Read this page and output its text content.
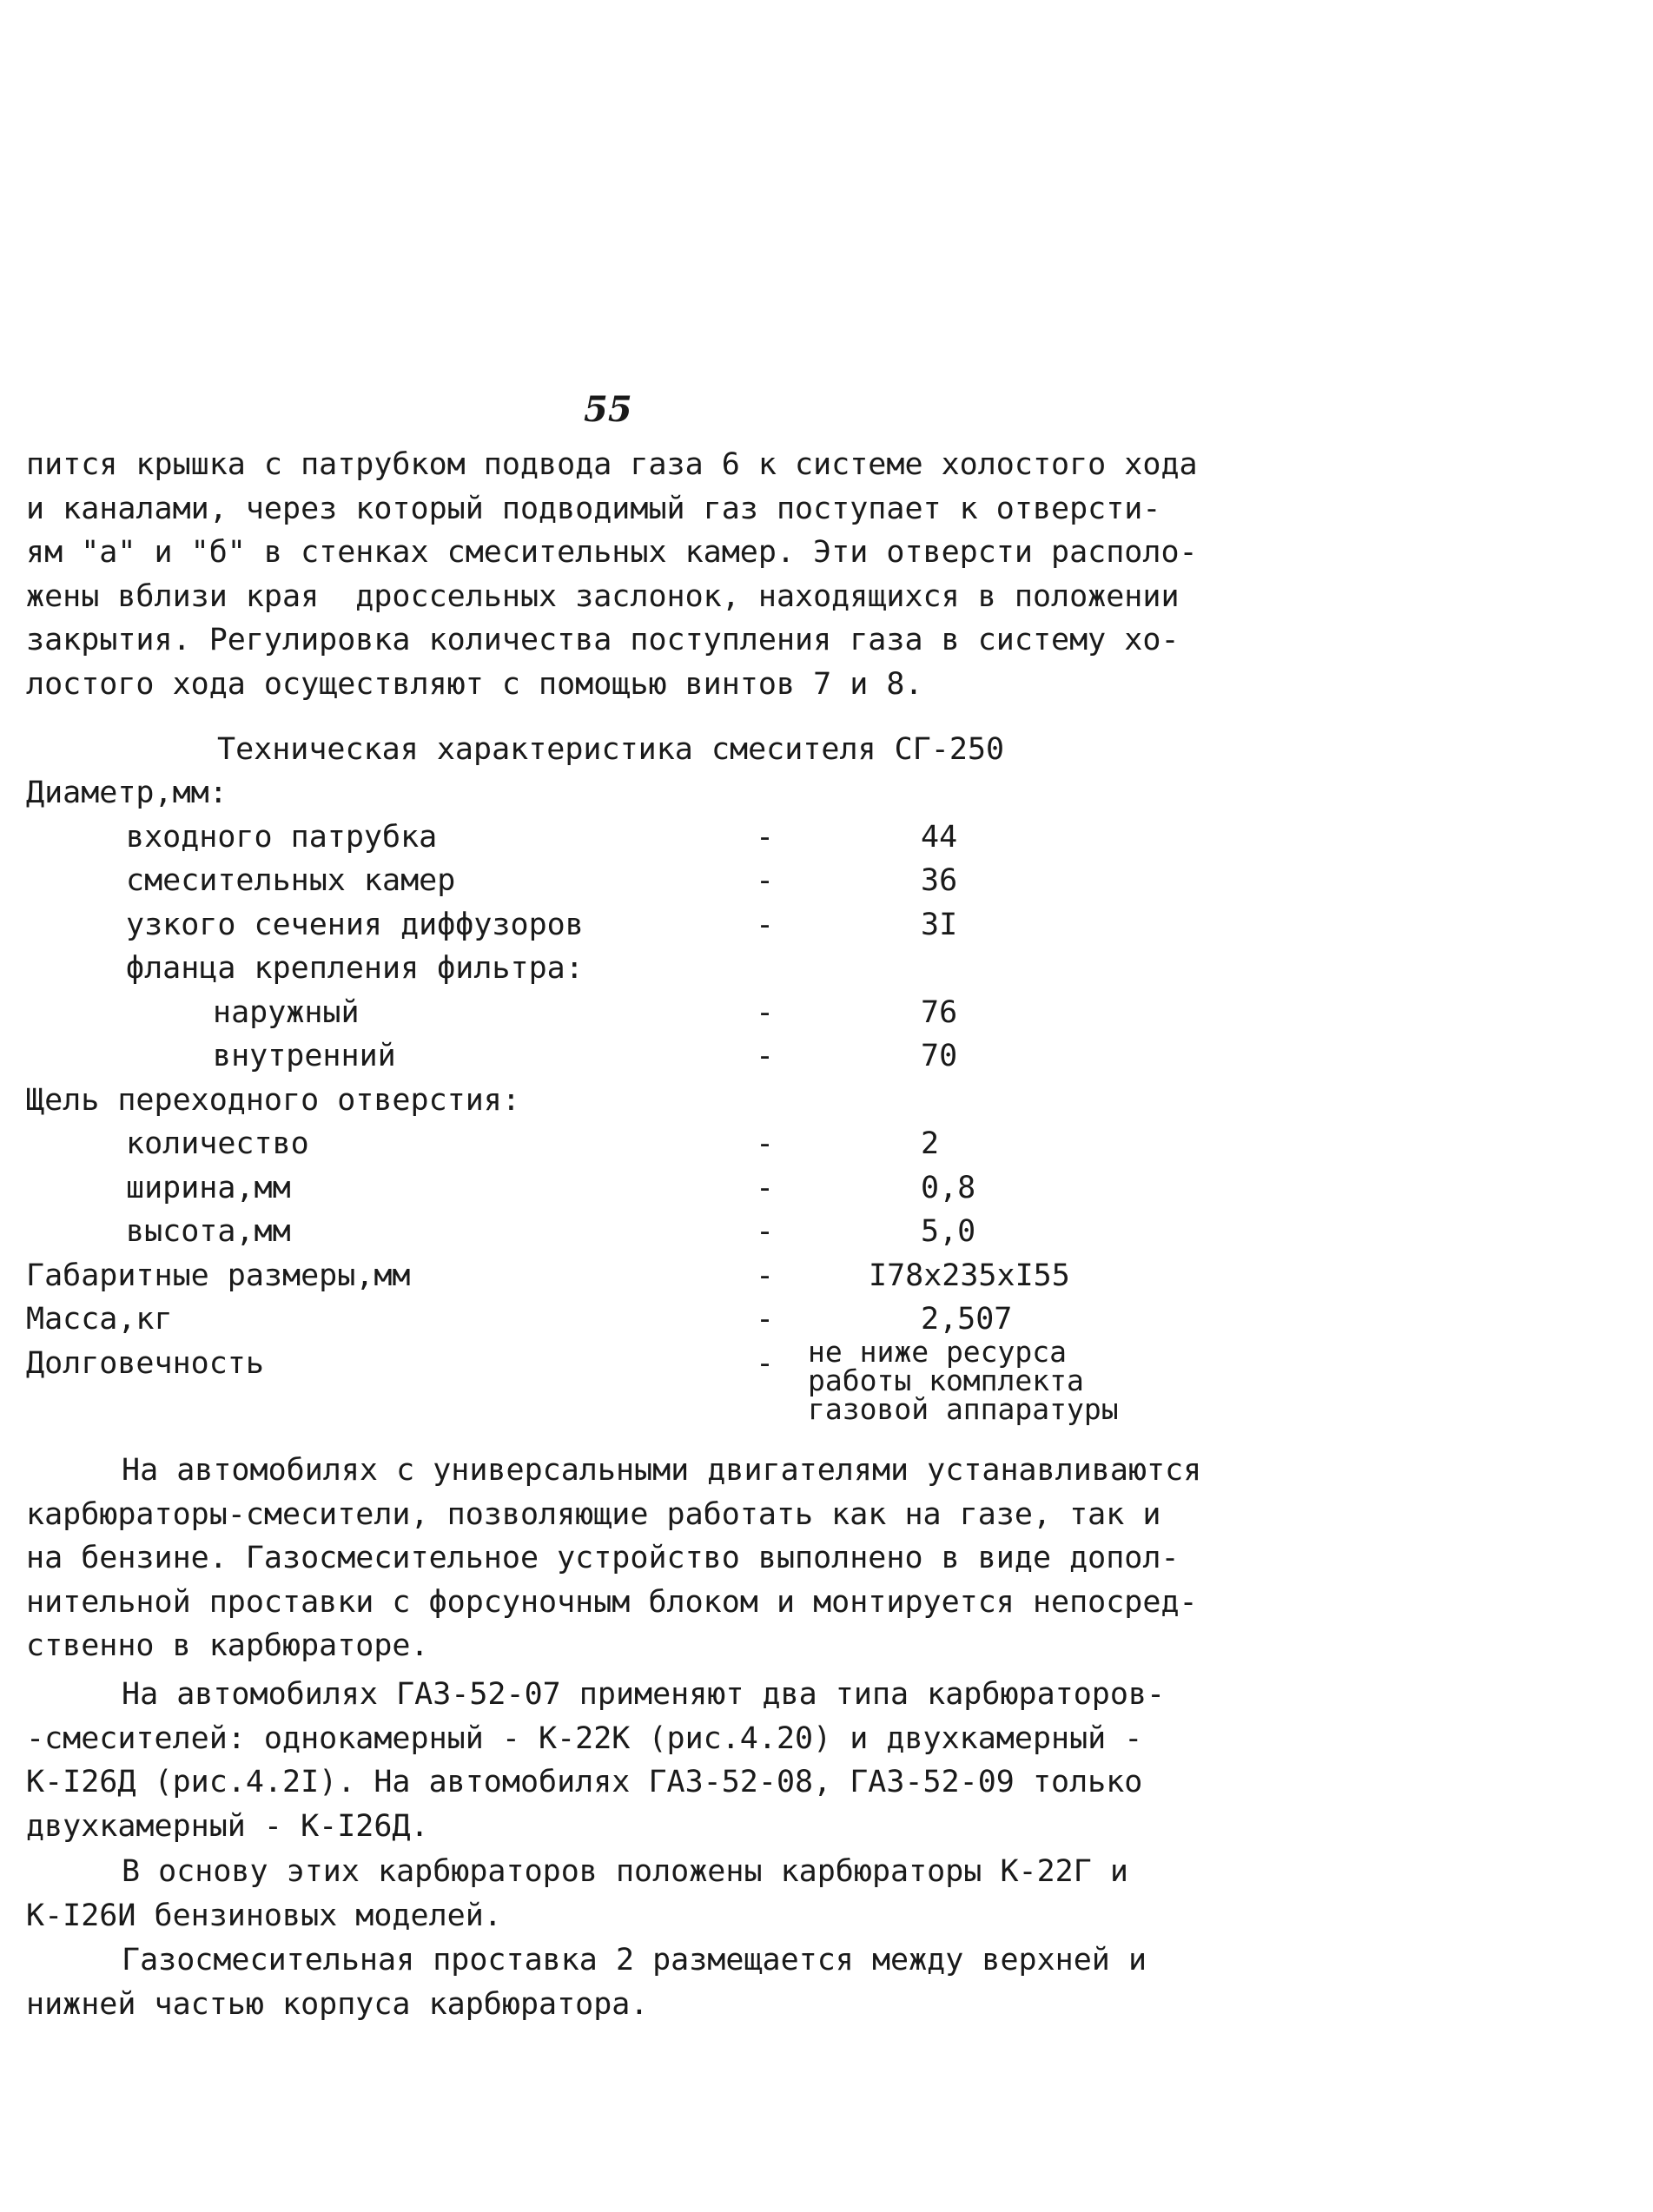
55
пится крышка с патрубком подвода газа 6 к системе холостого хода
и каналами, через который подводимый газ поступает к отверсти-
ям "а" и "б" в стенках смесительных камер. Эти отверсти располо-
жены вблизи края  дроссельных заслонок, находящихся в положении
закрытия. Регулировка количества поступления газа в систему хо-
лостого хода осуществляют с помощью винтов 7 и 8.
Техническая характеристика смесителя СГ-250
Диаметр,мм:
входного патрубка	-	44
смесительных камер	-	36
узкого сечения диффузоров	-	3I
фланца крепления фильтра:
наружный	-	76
внутренний	-	70
Щель переходного отверстия:
количество	-	2
ширина,мм	-	0,8
высота,мм	-	5,0
Габаритные размеры,мм	-	I78x235xI55
Масса,кг	-	2,507
Долговечность	- не ниже ресурса
работы комплекта
газовой аппаратуры
На автомобилях с универсальными двигателями устанавливаются
карбюраторы-смесители, позволяющие работать как на газе, так и
на бензине. Газосмесительное устройство выполнено в виде допол-
нительной проставки с форсуночным блоком и монтируется непосред-
ственно в карбюраторе.
На автомобилях ГАЗ-52-07 применяют два типа карбюраторов-
-смесителей: однокамерный - К-22К (рис.4.20) и двухкамерный -
К-I26Д (рис.4.2I). На автомобилях ГАЗ-52-08, ГАЗ-52-09 только
двухкамерный - К-I26Д.
В основу этих карбюраторов положены карбюраторы К-22Г и
К-I26И бензиновых моделей.
Газосмесительная проставка 2 размещается между верхней и
нижней частью корпуса карбюратора.
